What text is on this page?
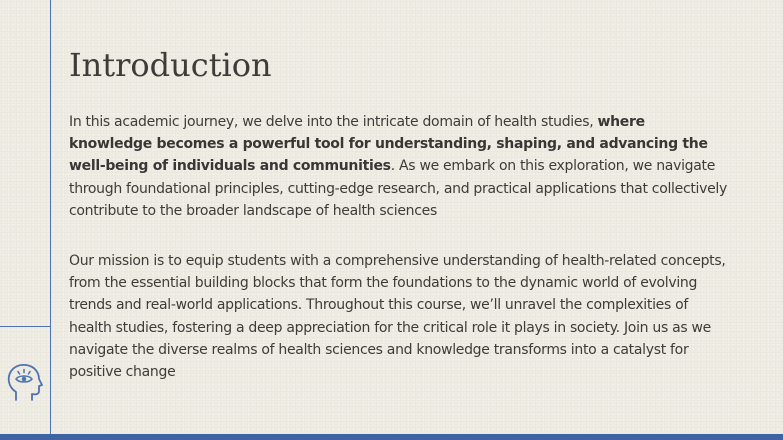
Introduction

In this academic journey, we delve into the intricate domain of health studies, where knowledge becomes a powerful tool for understanding, shaping, and advancing the well-being of individuals and communities. As we embark on this exploration, we navigate through foundational principles, cutting-edge research, and practical applications that collectively contribute to the broader landscape of health sciences

Our mission is to equip students with a comprehensive understanding of health-related concepts, from the essential building blocks that form the foundations to the dynamic world of evolving trends and real-world applications. Throughout this course, we’ll unravel the complexities of health studies, fostering a deep appreciation for the critical role it plays in society. Join us as we navigate the diverse realms of health sciences and knowledge transforms into a catalyst for positive change
